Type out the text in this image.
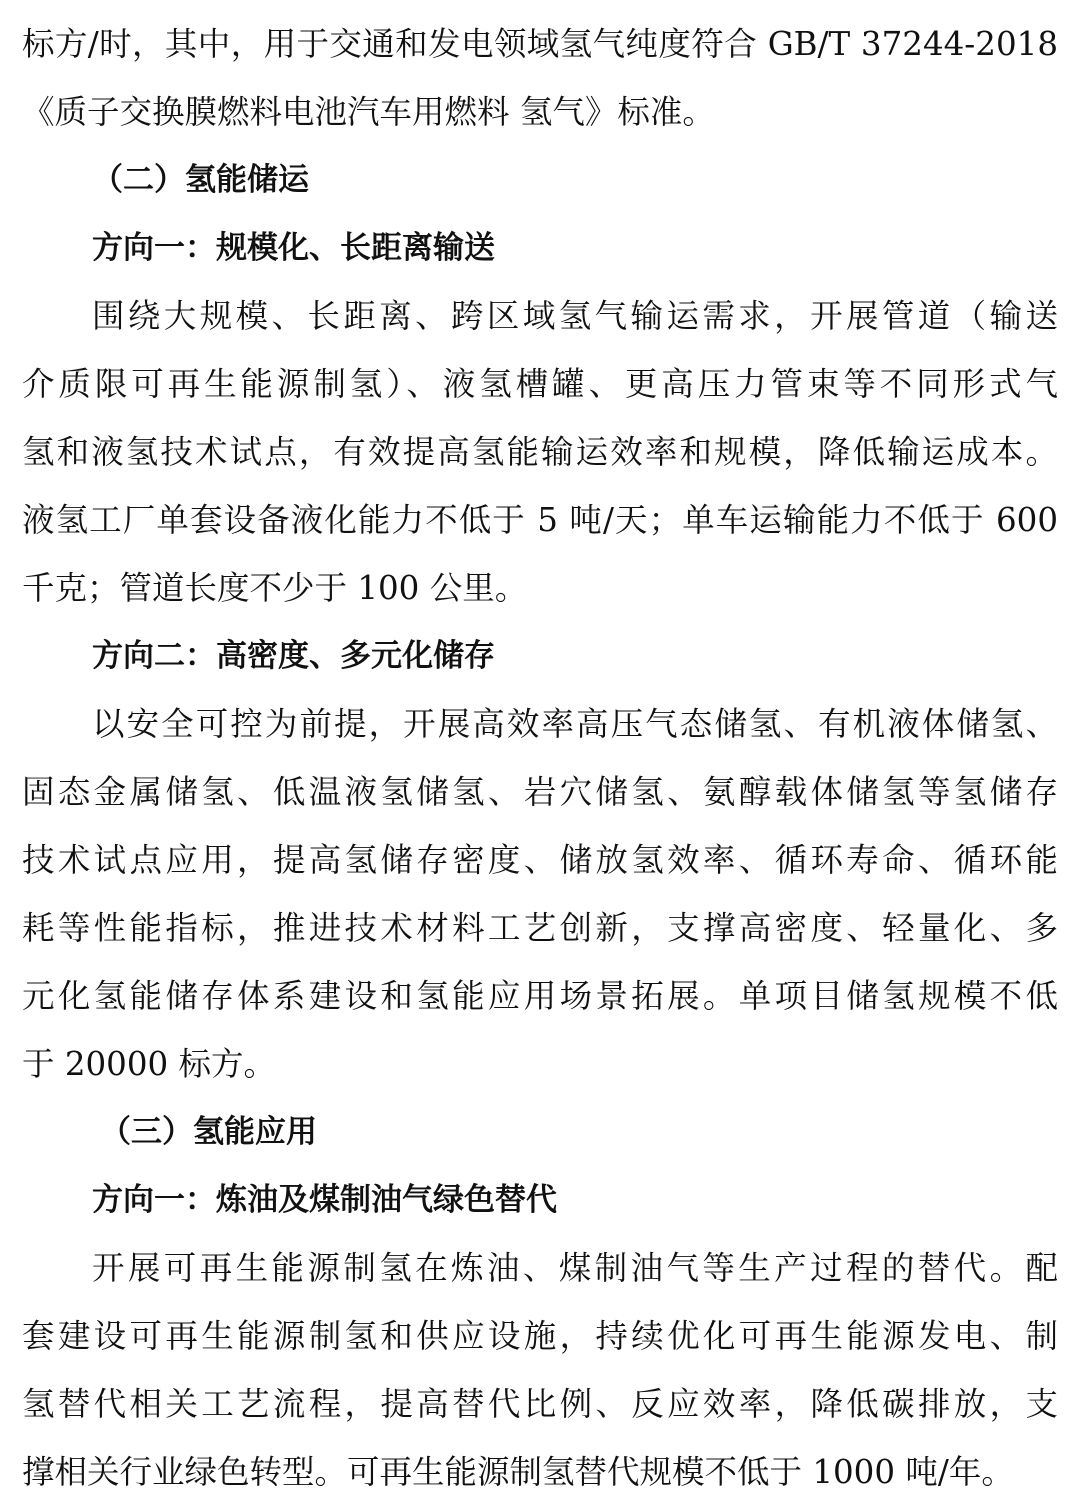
标方/时，其中，用于交通和发电领域氢气纯度符合 GB/T 37244-2018
《质子交换膜燃料电池汽车用燃料 氢气》标准。
（二）氢能储运
方向一：规模化、长距离输送
围绕大规模、长距离、跨区域氢气输运需求，开展管道（输送
介质限可再生能源制氢）、液氢槽罐、更高压力管束等不同形式气
氢和液氢技术试点，有效提高氢能输运效率和规模，降低输运成本。
液氢工厂单套设备液化能力不低于 5 吨/天；单车运输能力不低于 600
千克；管道长度不少于 100 公里。
方向二：高密度、多元化储存
以安全可控为前提，开展高效率高压气态储氢、有机液体储氢、
固态金属储氢、低温液氢储氢、岩穴储氢、氨醇载体储氢等氢储存
技术试点应用，提高氢储存密度、储放氢效率、循环寿命、循环能
耗等性能指标，推进技术材料工艺创新，支撑高密度、轻量化、多
元化氢能储存体系建设和氢能应用场景拓展。单项目储氢规模不低
于 20000 标方。
（三）氢能应用
方向一：炼油及煤制油气绿色替代
开展可再生能源制氢在炼油、煤制油气等生产过程的替代。配
套建设可再生能源制氢和供应设施，持续优化可再生能源发电、制
氢替代相关工艺流程，提高替代比例、反应效率，降低碳排放，支
撑相关行业绿色转型。可再生能源制氢替代规模不低于 1000 吨/年。
